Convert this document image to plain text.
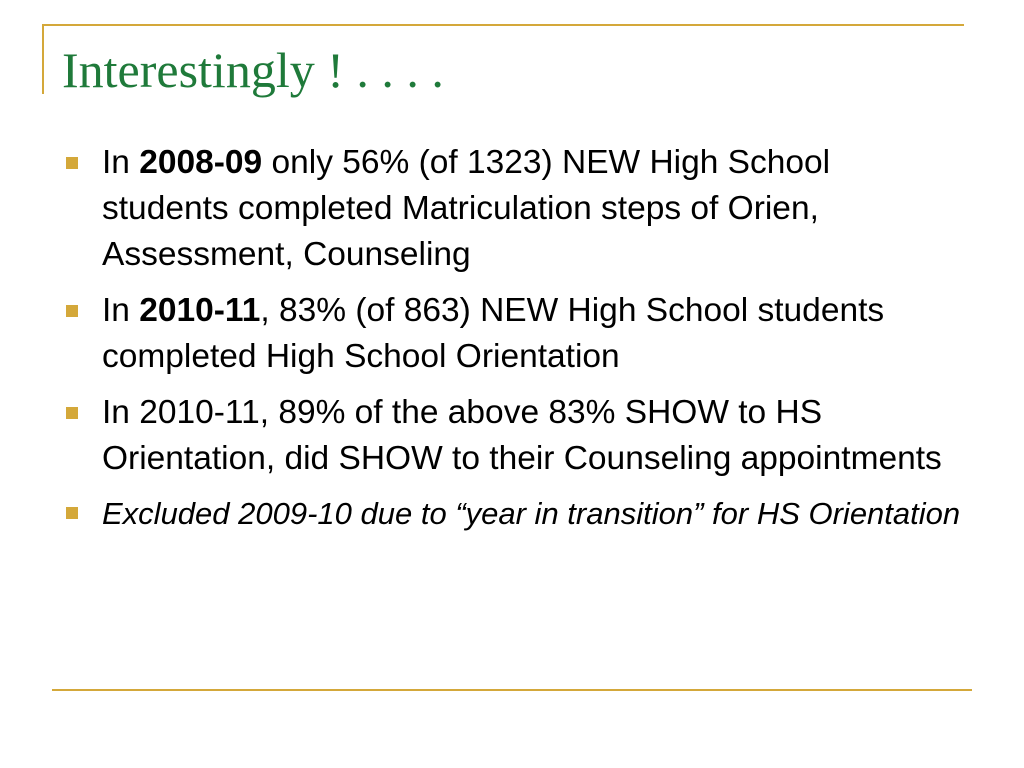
Interestingly ! . . . .
In 2008-09 only 56% (of 1323) NEW High School students completed Matriculation steps of Orien, Assessment, Counseling
In 2010-11, 83% (of 863) NEW High School students completed High School Orientation
In 2010-11, 89% of the above 83% SHOW to HS Orientation, did SHOW to their Counseling appointments
Excluded 2009-10 due to “year in transition” for HS Orientation
